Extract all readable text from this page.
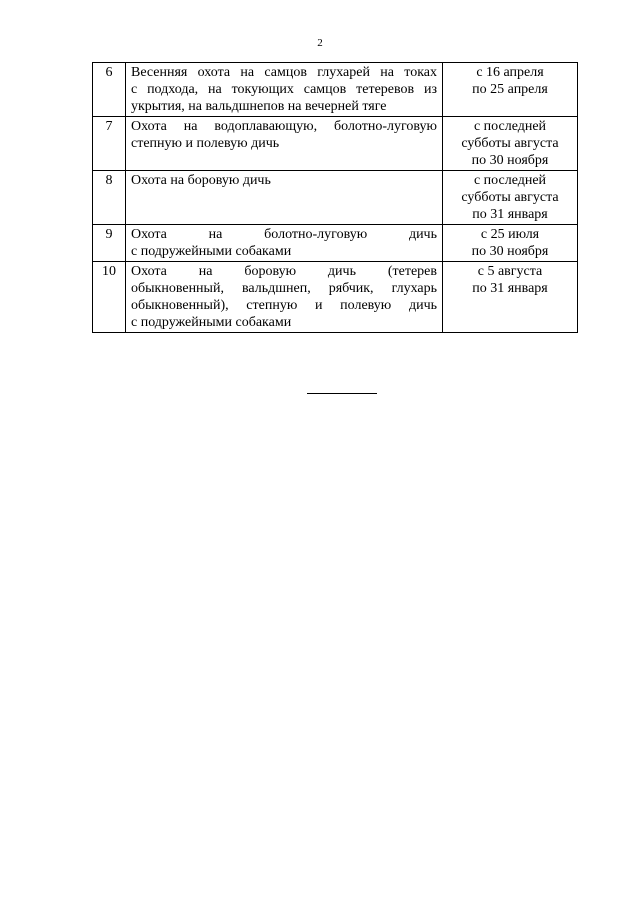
2
6	Весенняя охота на самцов глухарей на токах
с подхода, на токующих самцов тетеревов из
укрытия, на вальдшнепов на вечерней тяге	с 16 апреля
по 25 апреля

7	Охота на водоплавающую, болотно-луговую
степную и полевую дичь	с последней
субботы августа
по 30 ноября

8	Охота на боровую дичь	с последней
субботы августа
по 31 января

9	Охота на болотно-луговую дичь
с подружейными собаками	с 25 июля
по 30 ноября

10	Охота на боровую дичь (тетерев
обыкновенный, вальдшнеп, рябчик, глухарь
обыкновенный), степную и полевую дичь
с подружейными собаками	с 5 августа
по 31 января
